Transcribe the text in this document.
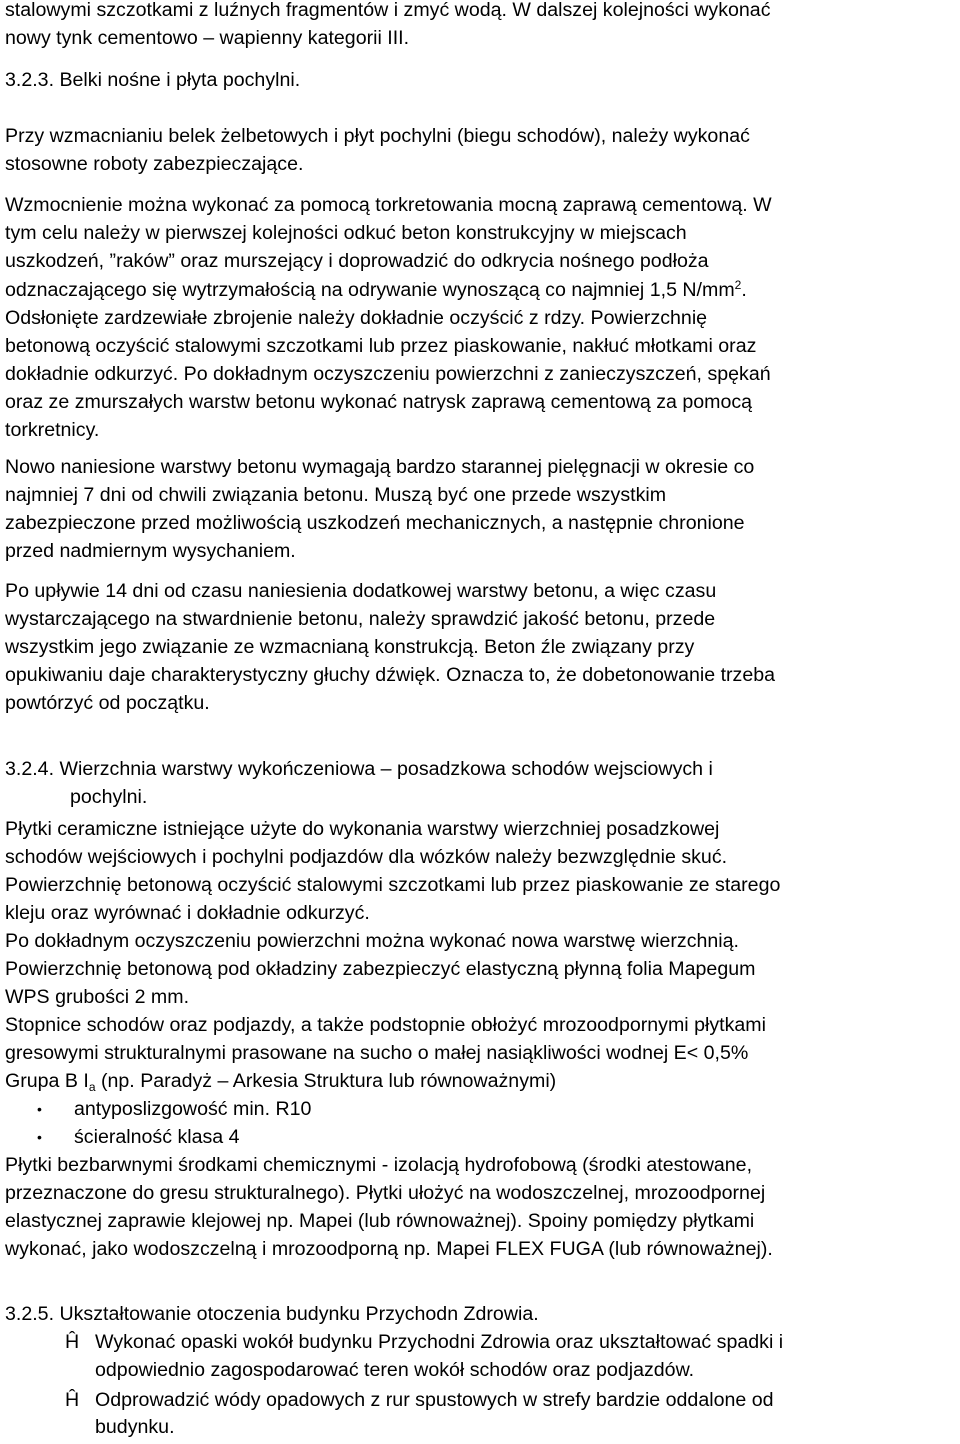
stalowymi szczotkami z luźnych fragmentów i zmyć wodą. W dalszej kolejności wykonać
nowy tynk cementowo – wapienny kategorii III.
3.2.3. Belki nośne i płyta pochylni.
Przy wzmacnianiu belek żelbetowych i płyt pochylni (biegu schodów), należy wykonać
stosowne roboty zabezpieczające.
Wzmocnienie można wykonać za pomocą torkretowania mocną zaprawą cementową. W
tym celu należy w pierwszej kolejności odkuć beton konstrukcyjny w miejscach
uszkodzeń, ”raków” oraz murszejący i doprowadzić do odkrycia nośnego podłoża
odznaczającego się wytrzymałością na odrywanie wynoszącą co najmniej 1,5 $N/mm^2$.
Odsłonięte zardzewiałe zbrojenie należy dokładnie oczyścić z rdzy. Powierzchnię
betonową oczyścić stalowymi szczotkami lub przez piaskowanie, nakłuć młotkami oraz
dokładnie odkurzyć. Po dokładnym oczyszczeniu powierzchni z zanieczyszczeń, spękań
oraz ze zmurszałych warstw betonu wykonać natrysk zaprawą cementową za pomocą
torkretnicy.
Nowo naniesione warstwy betonu wymagają bardzo starannej pielęgnacji w okresie co
najmniej 7 dni od chwili związania betonu. Muszą być one przede wszystkim
zabezpieczone przed możliwością uszkodzeń mechanicznych, a następnie chronione
przed nadmiernym wysychaniem.
Po upływie 14 dni od czasu naniesienia dodatkowej warstwy betonu, a więc czasu
wystarczającego na stwardnienie betonu, należy sprawdzić jakość betonu, przede
wszystkim jego związanie ze wzmacnianą konstrukcją. Beton źle związany przy
opukiwaniu daje charakterystyczny głuchy dźwięk. Oznacza to, że dobetonowanie trzeba
powtórzyć od początku.
3.2.4. Wierzchnia warstwy wykończeniowa – posadzkowa schodów wejsciowych i
pochylni.
Płytki ceramiczne istniejące użyte do wykonania warstwy wierzchniej posadzkowej
schodów wejściowych i pochylni podjazdów dla wózków należy bezwzględnie skuć.
Powierzchnię betonową oczyścić stalowymi szczotkami lub przez piaskowanie ze starego
kleju oraz wyrównać i dokładnie odkurzyć.
Po dokładnym oczyszczeniu powierzchni można wykonać nowa warstwę wierzchnią.
Powierzchnię betonową pod okładziny zabezpieczyć elastyczną płynną folia Mapegum
WPS grubości 2 mm.
Stopnice schodów oraz podjazdy, a także podstopnie obłożyć mrozoodpornymi płytkami
gresowymi strukturalnymi prasowane na sucho o małej nasiąkliwości wodnej E< 0,5%
Grupa B $I_a$ (np. Paradyż – Arkesia Struktura lub równoważnymi)
• antyposlizgowość min. R10
• ścieralność klasa 4
Płytki bezbarwnymi środkami chemicznymi - izolacją hydrofobową (środki atestowane,
przeznaczone do gresu strukturalnego). Płytki ułożyć na wodoszczelnej, mrozoodpornej
elastycznej zaprawie klejowej np. Mapei (lub równoważnej). Spoiny pomiędzy płytkami
wykonać, jako wodoszczelną i mrozoodporną np. Mapei FLEX FUGA (lub równoważnej).
3.2.5. Ukształtowanie otoczenia budynku Przychodn Zdrowia.
Ĥ Wykonać opaski wokół budynku Przychodni Zdrowia oraz ukształtować spadki i
odpowiednio zagospodarować teren wokół schodów oraz podjazdów.
Ĥ Odprowadzić wódy opadowych z rur spustowych w strefy bardzie oddalone od
budynku.
